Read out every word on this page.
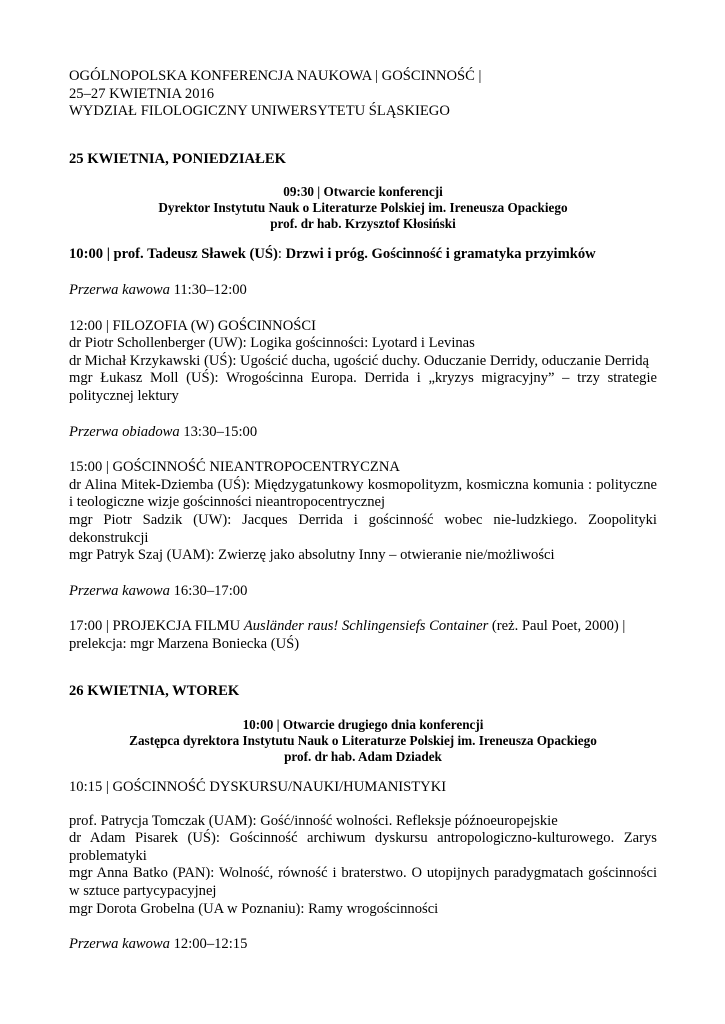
OGÓLNOPOLSKA KONFERENCJA NAUKOWA | GOŚCINNOŚĆ |

25–27 KWIETNIA 2016

WYDZIAŁ FILOLOGICZNY UNIWERSYTETU ŚLĄSKIEGO

25 KWIETNIA, PONIEDZIAŁEK

09:30 | Otwarcie konferencji

Dyrektor Instytutu Nauk o Literaturze Polskiej im. Ireneusza Opackiego

prof. dr hab. Krzysztof Kłosiński

10:00 | prof. Tadeusz Sławek (UŚ): Drzwi i próg. Gościnność i gramatyka przyimków

Przerwa kawowa 11:30–12:00

12:00 | FILOZOFIA (W) GOŚCINNOŚCI

dr Piotr Schollenberger (UW): Logika gościnności: Lyotard i Levinas

dr Michał Krzykawski (UŚ): Ugościć ducha, ugościć duchy. Oduczanie Derridy, oduczanie Derridą

mgr Łukasz Moll (UŚ): Wrogościnna Europa. Derrida i „kryzys migracyjny” – trzy strategie politycznej lektury

Przerwa obiadowa 13:30–15:00

15:00 | GOŚCINNOŚĆ NIEANTROPOCENTRYCZNA

dr Alina Mitek-Dziemba (UŚ): Międzygatunkowy kosmopolityzm, kosmiczna komunia : polityczne i teologiczne wizje gościnności nieantropocentrycznej

mgr Piotr Sadzik (UW): Jacques Derrida i gościnność wobec nie-ludzkiego. Zoopolityki dekonstrukcji

mgr Patryk Szaj (UAM): Zwierzę jako absolutny Inny – otwieranie nie/możliwości

Przerwa kawowa 16:30–17:00

17:00 | PROJEKCJA FILMU Ausländer raus! Schlingensiefs Container (reż. Paul Poet, 2000) |

prelekcja: mgr Marzena Boniecka (UŚ)

26 KWIETNIA, WTOREK

10:00 | Otwarcie drugiego dnia konferencji

Zastępca dyrektora Instytutu Nauk o Literaturze Polskiej im. Ireneusza Opackiego

prof. dr hab. Adam Dziadek

10:15 | GOŚCINNOŚĆ DYSKURSU/NAUKI/HUMANISTYKI

prof. Patrycja Tomczak (UAM): Gość/inność wolności. Refleksje późnoeuropejskie

dr Adam Pisarek (UŚ): Gościnność archiwum dyskursu antropologiczno-kulturowego. Zarys problematyki

mgr Anna Batko (PAN): Wolność, równość i braterstwo. O utopijnych paradygmatach gościnności w sztuce partycypacyjnej

mgr Dorota Grobelna (UA w Poznaniu): Ramy wrogościnności

Przerwa kawowa 12:00–12:15
